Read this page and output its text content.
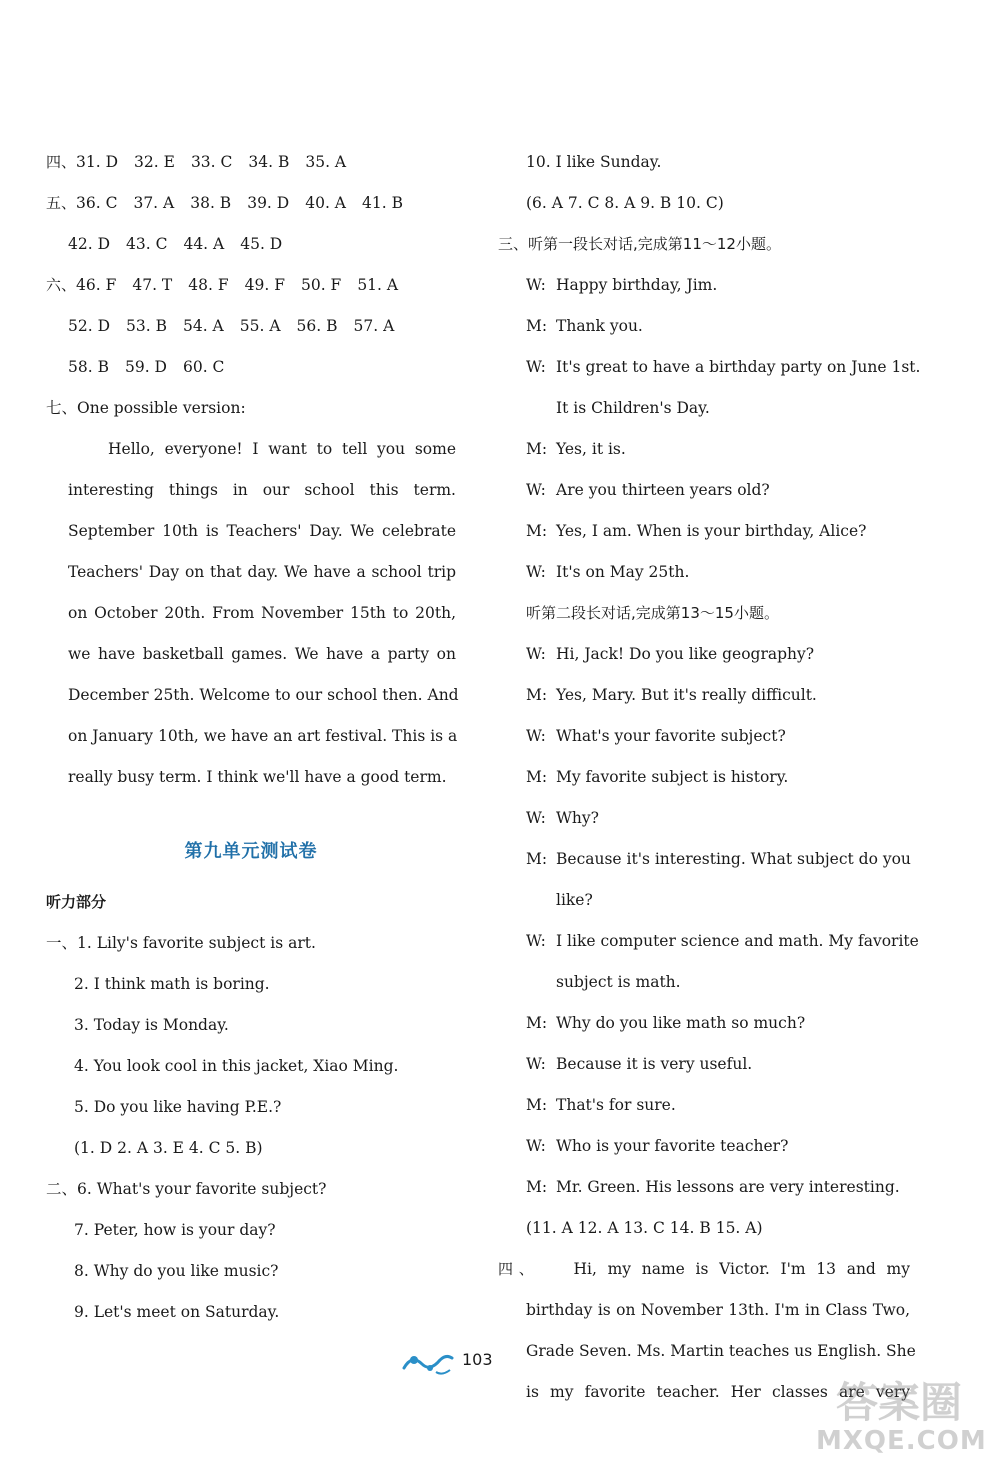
四、31. D 32. E 33. C 34. B 35. A
五、36. C 37. A 38. B 39. D 40. A 41. B
42. D 43. C 44. A 45. D
六、46. F 47. T 48. F 49. F 50. F 51. A
52. D 53. B 54. A 55. A 56. B 57. A
58. B 59. D 60. C
七、One possible version:
Hello, everyone! I want to tell you some
interesting things in our school this term.
September 10th is Teachers' Day. We celebrate
Teachers' Day on that day. We have a school trip
on October 20th. From November 15th to 20th,
we have basketball games. We have a party on
December 25th. Welcome to our school then. And
on January 10th, we have an art festival. This is a
really busy term. I think we'll have a good term.
第九单元测试卷
听力部分
一、1. Lily's favorite subject is art.
2. I think math is boring.
3. Today is Monday.
4. You look cool in this jacket, Xiao Ming.
5. Do you like having P.E.?
(1. D 2. A 3. E 4. C 5. B)
二、6. What's your favorite subject?
7. Peter, how is your day?
8. Why do you like music?
9. Let's meet on Saturday.
10. I like Sunday.
(6. A 7. C 8. A 9. B 10. C)
三、听第一段长对话,完成第11～12小题。
W: Happy birthday, Jim.
M: Thank you.
W: It's great to have a birthday party on June 1st.
It is Children's Day.
M: Yes, it is.
W: Are you thirteen years old?
M: Yes, I am. When is your birthday, Alice?
W: It's on May 25th.
听第二段长对话,完成第13～15小题。
W: Hi, Jack! Do you like geography?
M: Yes, Mary. But it's really difficult.
W: What's your favorite subject?
M: My favorite subject is history.
W: Why?
M: Because it's interesting. What subject do you
like?
W: I like computer science and math. My favorite
subject is math.
M: Why do you like math so much?
W: Because it is very useful.
M: That's for sure.
W: Who is your favorite teacher?
M: Mr. Green. His lessons are very interesting.
(11. A 12. A 13. C 14. B 15. A)
四、 Hi, my name is Victor. I'm 13 and my
birthday is on November 13th. I'm in Class Two,
Grade Seven. Ms. Martin teaches us English. She
is my favorite teacher. Her classes are very
103
答案圈
MXQE.COM
